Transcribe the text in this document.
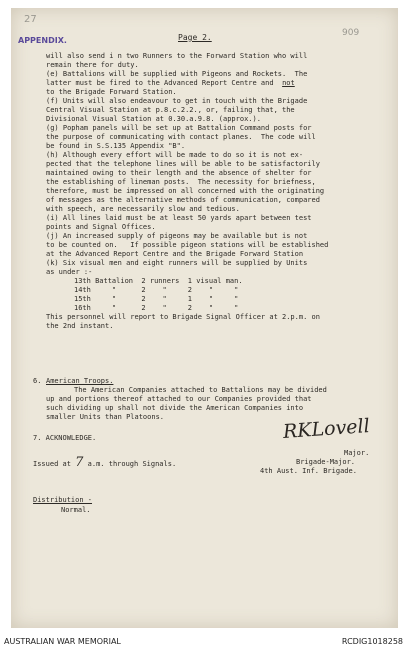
27
909
APPENDIX.	Page 2.
will also send i n two Runners to the Forward Station who will
remain there for duty.
(e) Battalions will be supplied with Pigeons and Rockets.  The
latter must be fired to the Advanced Report Centre and not
to the Brigade Forward Station.
(f) Units will also endeavour to get in touch with the Brigade
Central Visual Station at p.8.c.2.2., or, failing that, the
Divisional Visual Station at 0.30.a.9.8. (approx.).
(g) Popham panels will be set up at Battalion Command posts for
the purpose of communicating with contact planes.  The code will
be found in S.S.135 Appendix "B".
(h) Although every effort will be made to do so it is not ex-
pected that the telephone lines will be able to be satisfactorily
maintained owing to their length and the absence of shelter for
the establishing of lineman posts.  The necessity for briefness,
therefore, must be impressed on all concerned with the originating
of messages as the alternative methods of communication, compared
with speech, are necessarily slow and tedious.
(i) All lines laid must be at least 50 yards apart between test
points and Signal Offices.
(j) An increased supply of pigeons may be available but is not
to be counted on.   If possible pigeon stations will be established
at the Advanced Report Centre and the Brigade Forward Station
(k) Six visual men and eight runners will be supplied by Units
as under :-
13th Battalion  2 runners  1 visual man.
14th     "      2    "     2    "     "
15th     "      2    "     1    "     "
16th     "      2    "     2    "     "
This personnel will report to Brigade Signal Officer at 2.p.m. on
the 2nd instant.
6. American Troops.
The American Companies attached to Battalions may be divided
up and portions thereof attached to our Companies provided that
such dividing up shall not divide the American Companies into
smaller Units than Platoons.
7. ACKNOWLEDGE.	RKLovell
Major.
Brigade-Major.
Issued at 7 a.m. through Signals.
4th Aust. Inf. Brigade.
Distribution -
Normal.
AUSTRALIAN WAR MEMORIAL	RCDIG1018258
